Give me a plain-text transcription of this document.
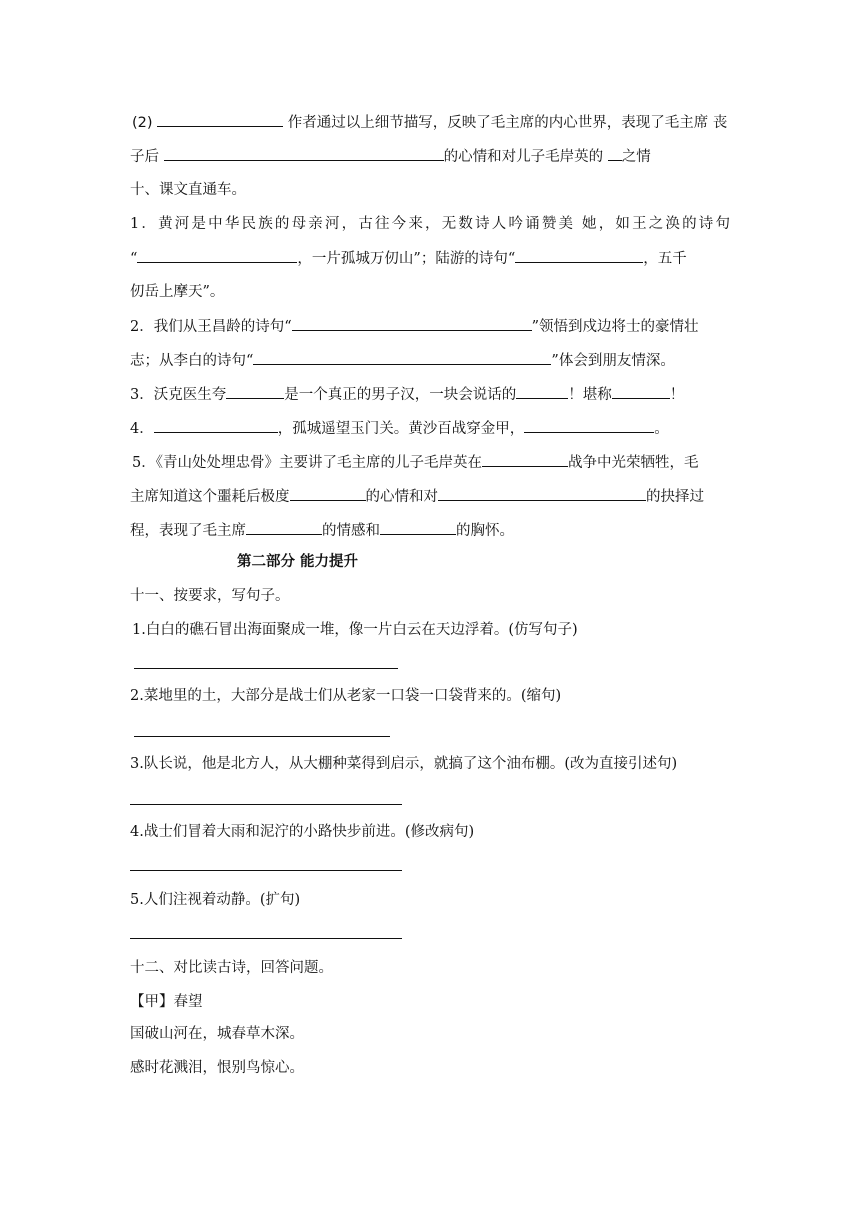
(2)	作者通过以上细节描写，反映了毛主席的内心世界，表现了毛主席 丧
子后	的心情和对儿子毛岸英的 之情
十、课文直通车。
1．黄河是中华民族的母亲河，古往今来，无数诗人吟诵赞美 她，如王之涣的诗句
“	，一片孤城万仞山”；陆游的诗句“	，五千
仞岳上摩天”。
2．我们从王昌龄的诗句“	”领悟到戍边将士的豪情壮
志；从李白的诗句“	”体会到朋友情深。
3．沃克医生夸	是一个真正的男子汉，一块会说话的	！堪称	！
4．	，孤城遥望玉门关。黄沙百战穿金甲，	。
5．《青山处处埋忠骨》主要讲了毛主席的儿子毛岸英在	战争中光荣牺牲，毛
主席知道这个噩耗后极度	的心情和对	的抉择过
程，表现了毛主席	的情感和	的胸怀。
第二部分 能力提升
十一、按要求，写句子。
1.白白的礁石冒出海面聚成一堆，像一片白云在天边浮着。(仿写句子)
2.菜地里的土，大部分是战士们从老家一口袋一口袋背来的。(缩句)
3.队长说，他是北方人，从大棚种菜得到启示，就搞了这个油布棚。(改为直接引述句)
4.战士们冒着大雨和泥泞的小路快步前进。(修改病句)
5.人们注视着动静。(扩句)
十二、对比读古诗，回答问题。
【甲】春望
国破山河在，城春草木深。
感时花溅泪，恨别鸟惊心。
